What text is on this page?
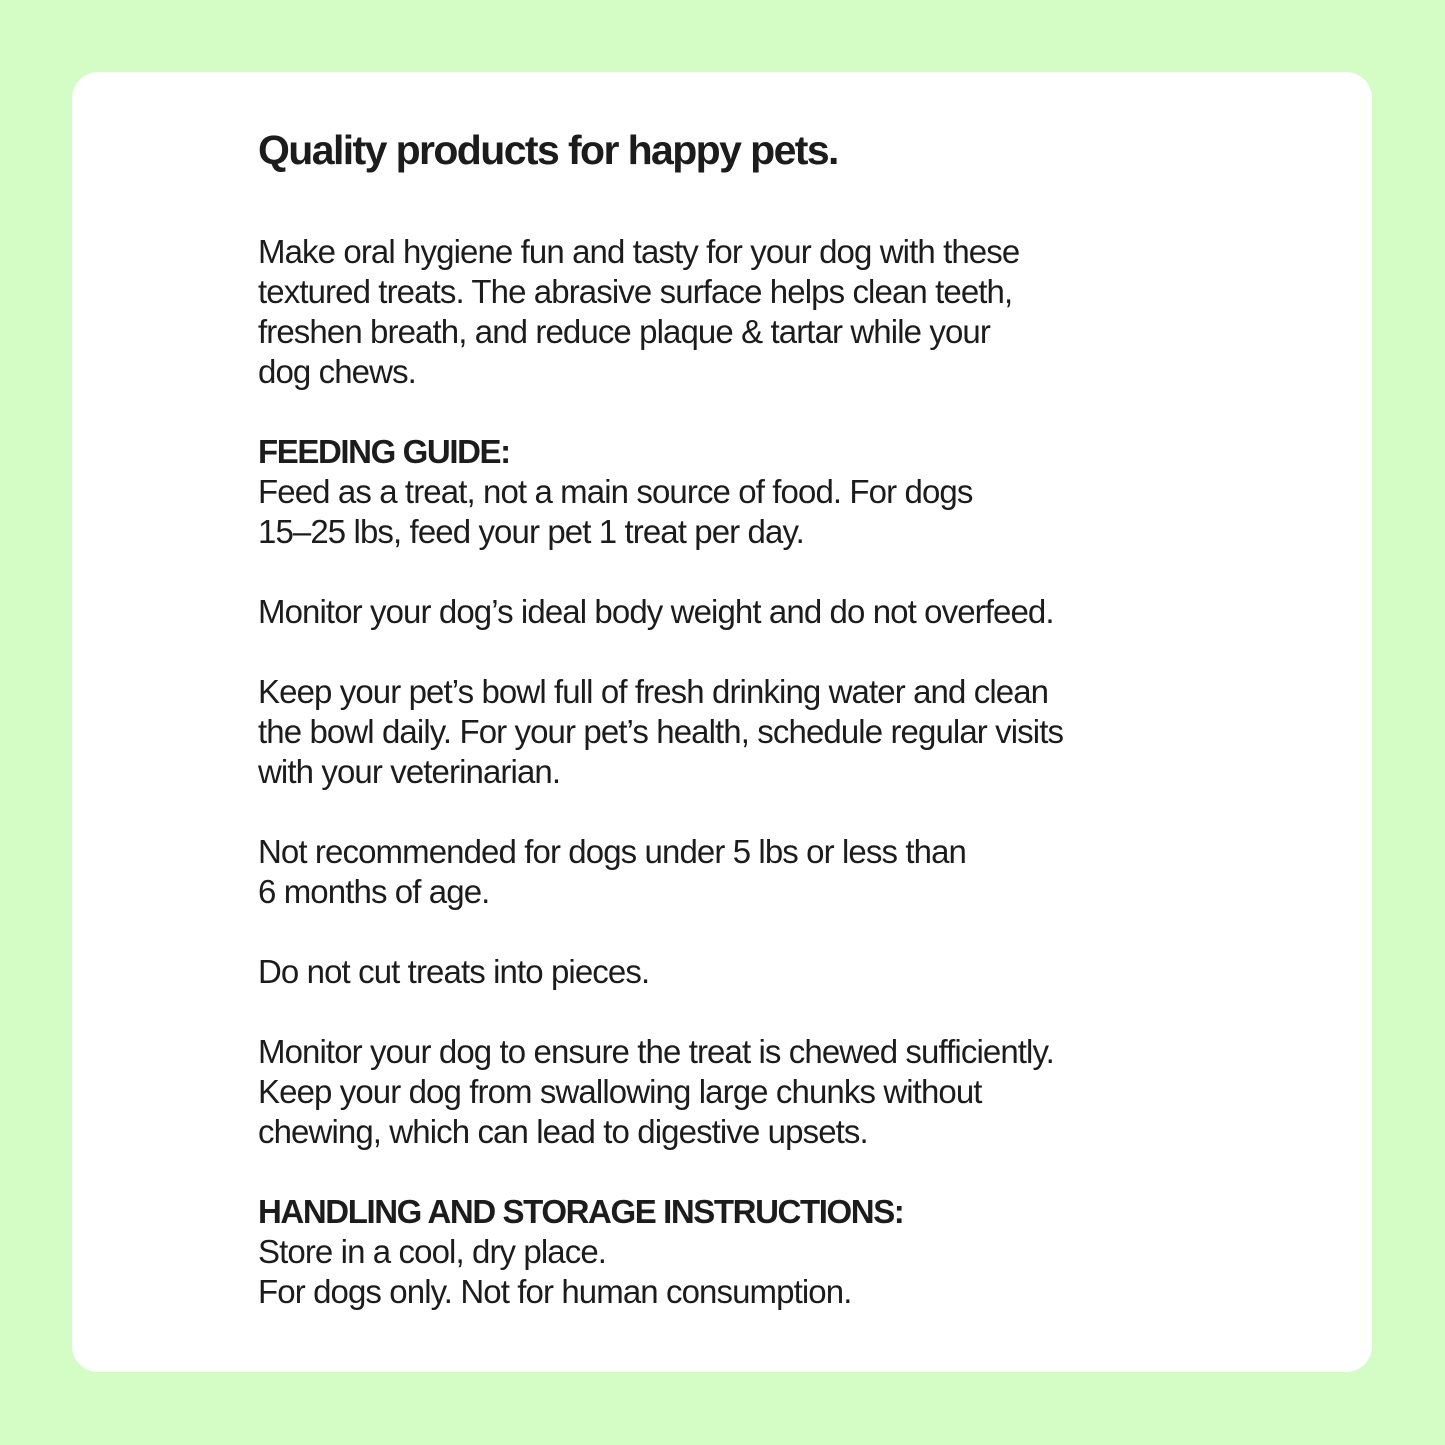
Quality products for happy pets.

Make oral hygiene fun and tasty for your dog with these
textured treats. The abrasive surface helps clean teeth,
freshen breath, and reduce plaque & tartar while your
dog chews.

FEEDING GUIDE:
Feed as a treat, not a main source of food. For dogs
15–25 lbs, feed your pet 1 treat per day.

Monitor your dog’s ideal body weight and do not overfeed.

Keep your pet’s bowl full of fresh drinking water and clean
the bowl daily. For your pet’s health, schedule regular visits
with your veterinarian.

Not recommended for dogs under 5 lbs or less than
6 months of age.

Do not cut treats into pieces.

Monitor your dog to ensure the treat is chewed sufficiently.
Keep your dog from swallowing large chunks without
chewing, which can lead to digestive upsets.

HANDLING AND STORAGE INSTRUCTIONS:
Store in a cool, dry place.
For dogs only. Not for human consumption.
